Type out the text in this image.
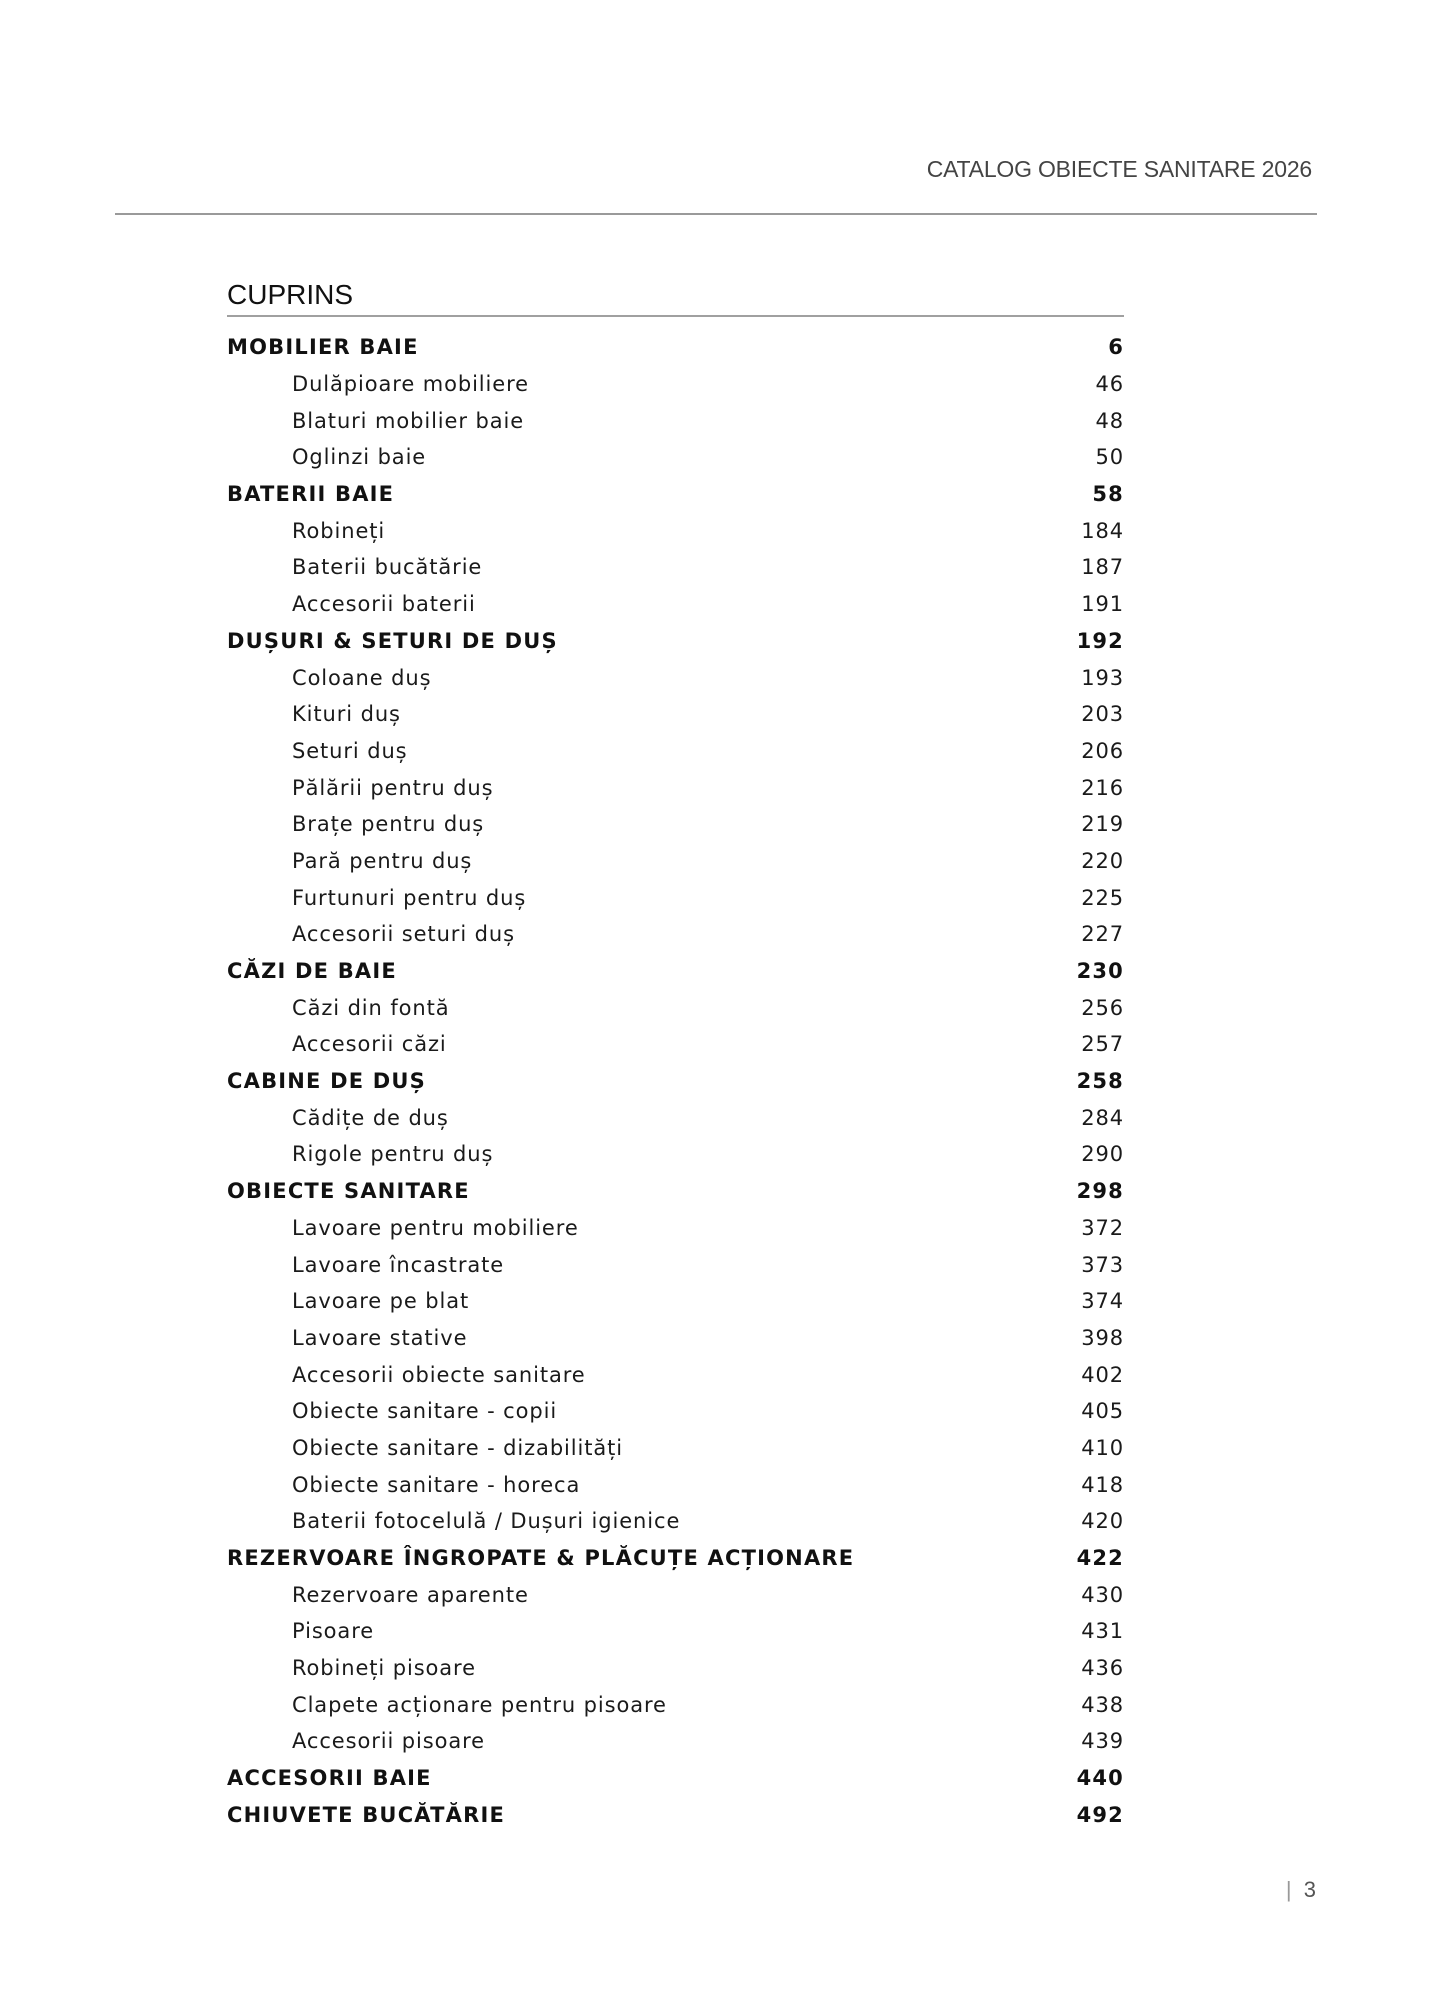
CATALOG OBIECTE SANITARE 2026
CUPRINS
MOBILIER BAIE	6
Dulăpioare mobiliere	46
Blaturi mobilier baie	48
Oglinzi baie	50
BATERII BAIE	58
Robineți	184
Baterii bucătărie	187
Accesorii baterii	191
DUȘURI & SETURI DE DUȘ	192
Coloane duș	193
Kituri duș	203
Seturi duș	206
Pălării pentru duș	216
Brațe pentru duș	219
Pară pentru duș	220
Furtunuri pentru duș	225
Accesorii seturi duș	227
CĂZI DE BAIE	230
Căzi din fontă	256
Accesorii căzi	257
CABINE DE DUȘ	258
Cădițe de duș	284
Rigole pentru duș	290
OBIECTE SANITARE	298
Lavoare pentru mobiliere	372
Lavoare încastrate	373
Lavoare pe blat	374
Lavoare stative	398
Accesorii obiecte sanitare	402
Obiecte sanitare - copii	405
Obiecte sanitare - dizabilități	410
Obiecte sanitare - horeca	418
Baterii fotocelulă / Dușuri igienice	420
REZERVOARE ÎNGROPATE & PLĂCUȚE ACȚIONARE	422
Rezervoare aparente	430
Pisoare	431
Robineți pisoare	436
Clapete acționare pentru pisoare	438
Accesorii pisoare	439
ACCESORII BAIE	440
CHIUVETE BUCĂTĂRIE	492
| 3
